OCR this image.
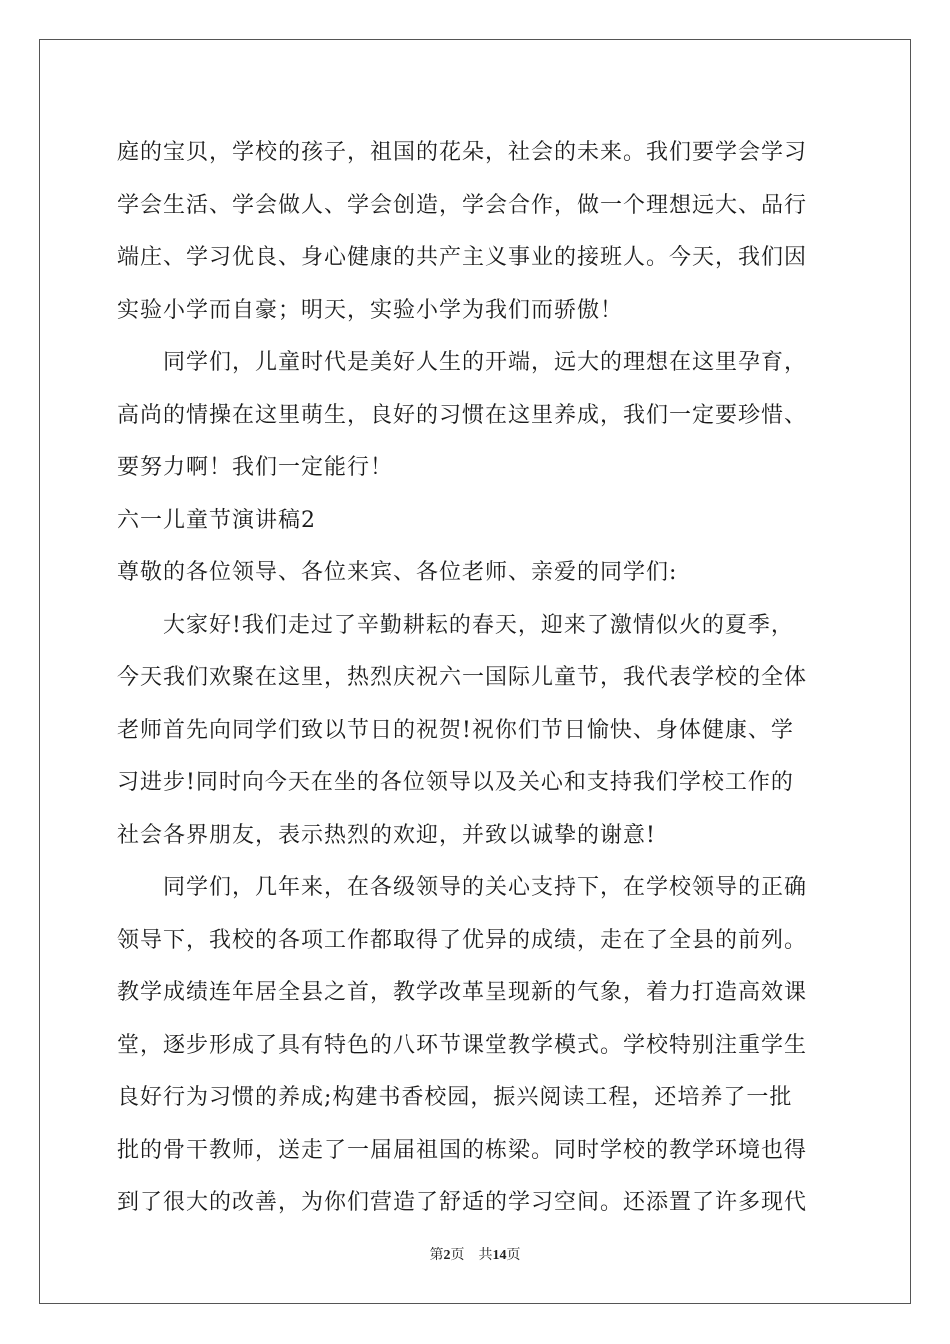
庭的宝贝，学校的孩子，祖国的花朵，社会的未来。我们要学会学习
学会生活、学会做人、学会创造，学会合作，做一个理想远大、品行
端庄、学习优良、身心健康的共产主义事业的接班人。今天，我们因
实验小学而自豪；明天，实验小学为我们而骄傲！
同学们，儿童时代是美好人生的开端，远大的理想在这里孕育，
高尚的情操在这里萌生，良好的习惯在这里养成，我们一定要珍惜、
要努力啊！我们一定能行！
六一儿童节演讲稿2
尊敬的各位领导、各位来宾、各位老师、亲爱的同学们:
大家好!我们走过了辛勤耕耘的春天，迎来了激情似火的夏季，
今天我们欢聚在这里，热烈庆祝六一国际儿童节，我代表学校的全体
老师首先向同学们致以节日的祝贺!祝你们节日愉快、身体健康、学
习进步!同时向今天在坐的各位领导以及关心和支持我们学校工作的
社会各界朋友，表示热烈的欢迎，并致以诚挚的谢意!
同学们，几年来，在各级领导的关心支持下，在学校领导的正确
领导下，我校的各项工作都取得了优异的成绩，走在了全县的前列。
教学成绩连年居全县之首，教学改革呈现新的气象，着力打造高效课
堂，逐步形成了具有特色的八环节课堂教学模式。学校特别注重学生
良好行为习惯的养成;构建书香校园，振兴阅读工程，还培养了一批
批的骨干教师，送走了一届届祖国的栋梁。同时学校的教学环境也得
到了很大的改善，为你们营造了舒适的学习空间。还添置了许多现代
第2页 共14页
